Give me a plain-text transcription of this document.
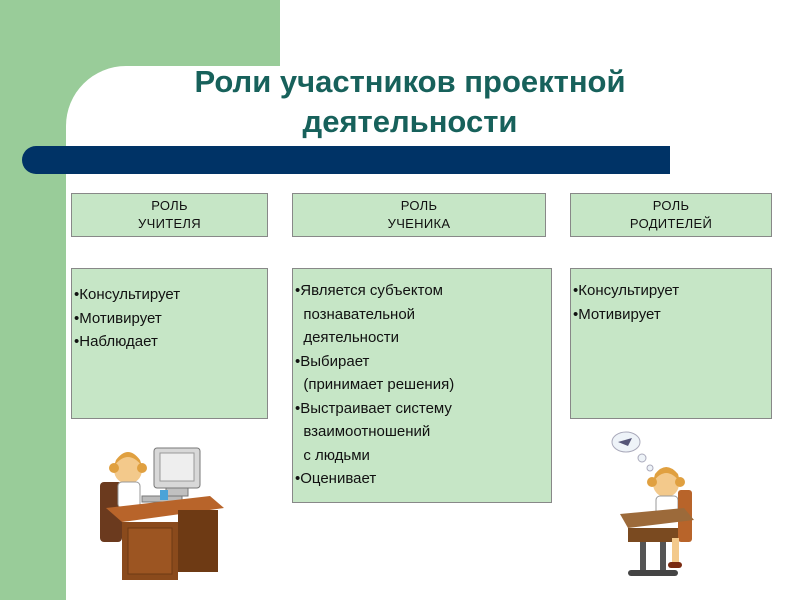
Роли участников проектной
деятельности
РОЛЬ
УЧИТЕЛЯ
РОЛЬ
УЧЕНИКА
РОЛЬ
РОДИТЕЛЕЙ
•Консультирует
•Мотивирует
•Наблюдает
•Является субъектом
познавательной
деятельности
•Выбирает
(принимает решения)
•Выстраивает систему
взаимоотношений
с людьми
•Оценивает
•Консультирует
•Мотивирует
